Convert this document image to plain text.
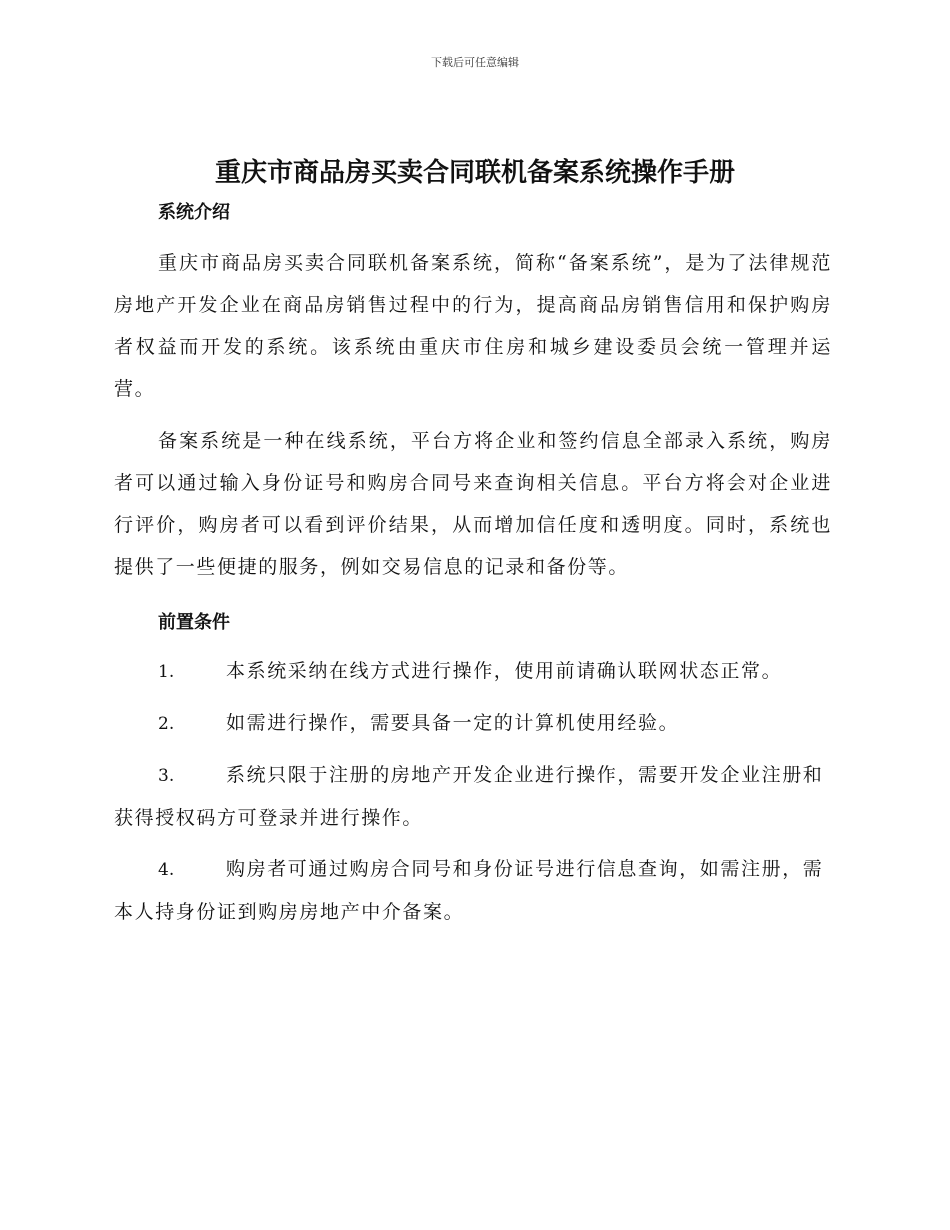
下载后可任意编辑
重庆市商品房买卖合同联机备案系统操作手册
系统介绍

重庆市商品房买卖合同联机备案系统，简称“备案系统”，是为了法律规范房地产开发企业在商品房销售过程中的行为，提高商品房销售信用和保护购房者权益而开发的系统。该系统由重庆市住房和城乡建设委员会统一管理并运营。

备案系统是一种在线系统，平台方将企业和签约信息全部录入系统，购房者可以通过输入身份证号和购房合同号来查询相关信息。平台方将会对企业进行评价，购房者可以看到评价结果，从而增加信任度和透明度。同时，系统也提供了一些便捷的服务，例如交易信息的记录和备份等。

前置条件

1.	本系统采纳在线方式进行操作，使用前请确认联网状态正常。

2.	如需进行操作，需要具备一定的计算机使用经验。

3.	系统只限于注册的房地产开发企业进行操作，需要开发企业注册和获得授权码方可登录并进行操作。

4.	购房者可通过购房合同号和身份证号进行信息查询，如需注册，需本人持身份证到购房房地产中介备案。
